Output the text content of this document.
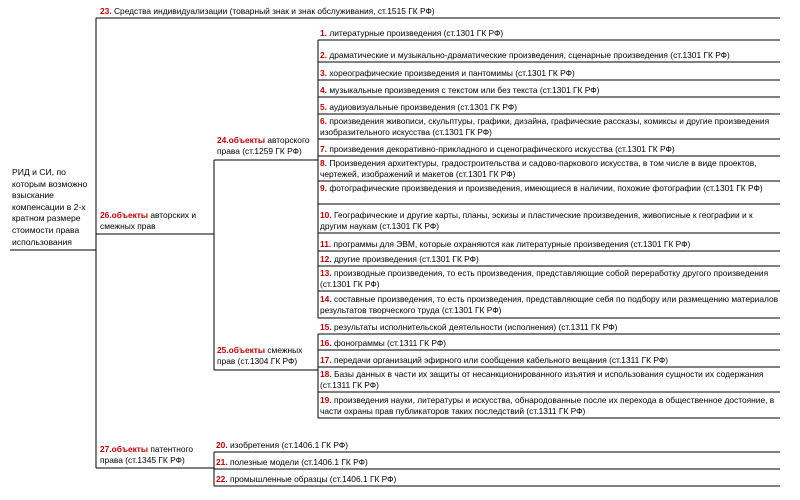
РИД и СИ, по которым возможно взыскание компенсации в 2-х кратном размере стоимости права использования
23. Средства индивидуализации (товарный знак и знак обслуживания, ст.1515 ГК РФ)
26.объекты авторских и смежных прав
27.объекты патентного права (ст.1345 ГК РФ)
24.объекты авторского права (ст.1259 ГК РФ)
25.объекты смежных прав (ст.1304 ГК РФ)
1. литературные произведения (ст.1301 ГК РФ)
2. драматические и музыкально-драматические произведения, сценарные произведения (ст.1301 ГК РФ)
3. хореографические произведения и пантомимы (ст.1301 ГК РФ)
4. музыкальные произведения с текстом или без текста (ст.1301 ГК РФ)
5. аудиовизуальные произведения (ст.1301 ГК РФ)
6. произведения живописи, скульптуры, графики, дизайна, графические рассказы, комиксы и другие произведения изобразительного искусства (ст.1301 ГК РФ)
7. произведения декоративно-прикладного и сценографического искусства (ст.1301 ГК РФ)
8. Произведения архитектуры, градостроительства и садово-паркового искусства, в том числе в виде проектов, чертежей, изображений и макетов (ст.1301 ГК РФ)
9. фотографические произведения и произведения, имеющиеся в наличии, похожие фотографии (ст.1301 ГК РФ)
10. Географические и другие карты, планы, эскизы и пластические произведения, живописные к географии и к другим наукам (ст.1301 ГК РФ)
11. программы для ЭВМ, которые охраняются как литературные произведения (ст.1301 ГК РФ)
12. другие произведения (ст.1301 ГК РФ)
13. производные произведения, то есть произведения, представляющие собой переработку другого произведения (ст.1301 ГК РФ)
14. составные произведения, то есть произведения, представляющие себя по подбору или размещению материалов результатов творческого труда (ст.1301 ГК РФ)
15. результаты исполнительской деятельности (исполнения) (ст.1311 ГК РФ)
16. фонограммы (ст.1311 ГК РФ)
17. передачи организаций эфирного или сообщения кабельного вещания (ст.1311 ГК РФ)
18. Базы данных в части их защиты от несанкционированного изъятия и использования сущности их содержания (ст.1311 ГК РФ)
19. произведения науки, литературы и искусства, обнародованные после их перехода в общественное достояние, в части охраны прав публикаторов таких последствий (ст.1311 ГК РФ)
20. изобретения (ст.1406.1 ГК РФ)
21. полезные модели (ст.1406.1 ГК РФ)
22. промышленные образцы (ст.1406.1 ГК РФ)
